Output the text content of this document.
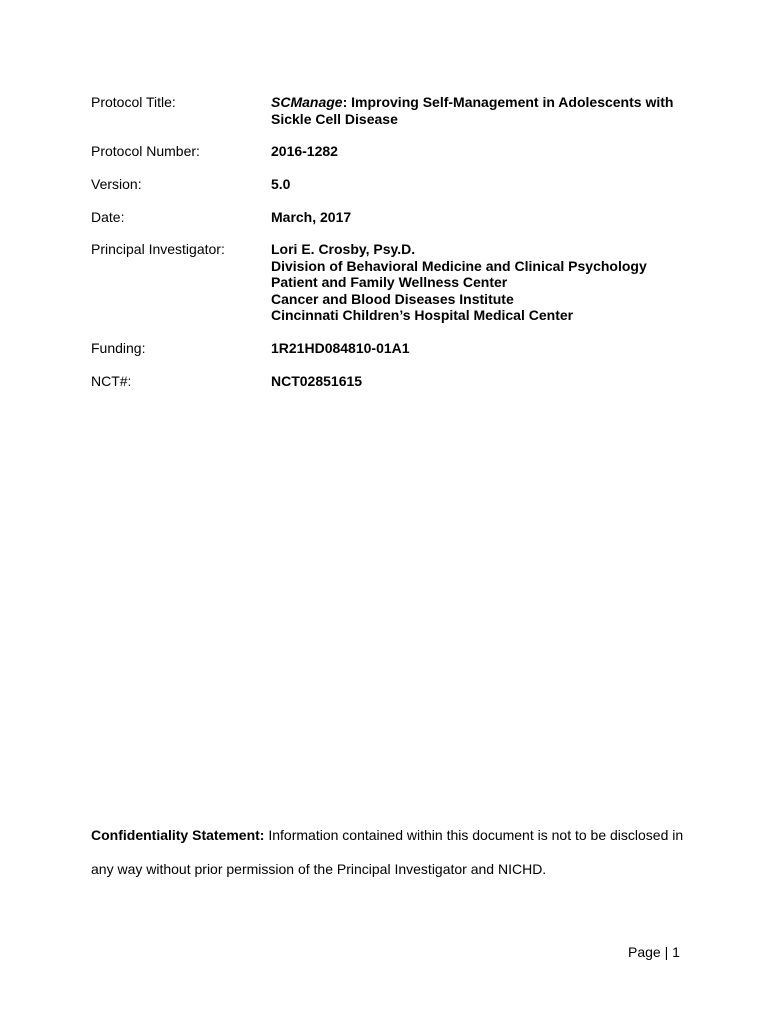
Protocol Title:	SCManage: Improving Self-Management in Adolescents with
Sickle Cell Disease
Protocol Number:	2016-1282
Version:	5.0
Date:	March, 2017
Principal Investigator:	Lori E. Crosby, Psy.D.
Division of Behavioral Medicine and Clinical Psychology
Patient and Family Wellness Center
Cancer and Blood Diseases Institute
Cincinnati Children’s Hospital Medical Center
Funding:	1R21HD084810-01A1
NCT#:	NCT02851615
Confidentiality Statement: Information contained within this document is not to be disclosed in
any way without prior permission of the Principal Investigator and NICHD.
Page | 1
